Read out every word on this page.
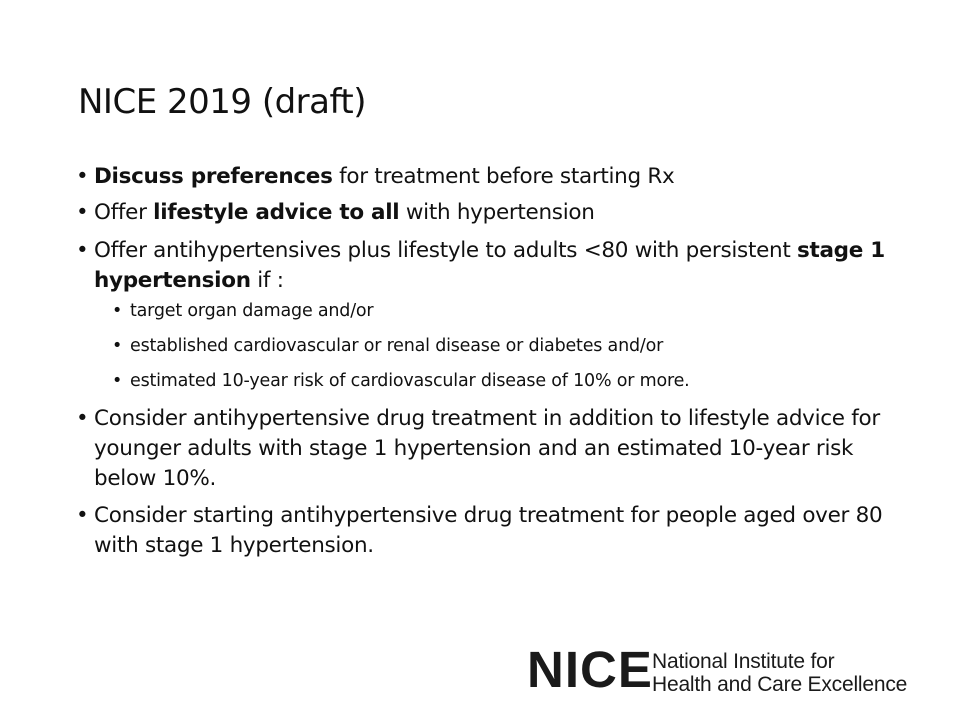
NICE 2019 (draft)
• Discuss preferences for treatment before starting Rx
• Offer lifestyle advice to all with hypertension
• Offer antihypertensives plus lifestyle to adults <80 with persistent stage 1 hypertension if :
• target organ damage and/or
• established cardiovascular or renal disease or diabetes and/or
• estimated 10-year risk of cardiovascular disease of 10% or more.
• Consider antihypertensive drug treatment in addition to lifestyle advice for younger adults with stage 1 hypertension and an estimated 10-year risk below 10%.
• Consider starting antihypertensive drug treatment for people aged over 80 with stage 1 hypertension.
NICE National Institute for
Health and Care Excellence
